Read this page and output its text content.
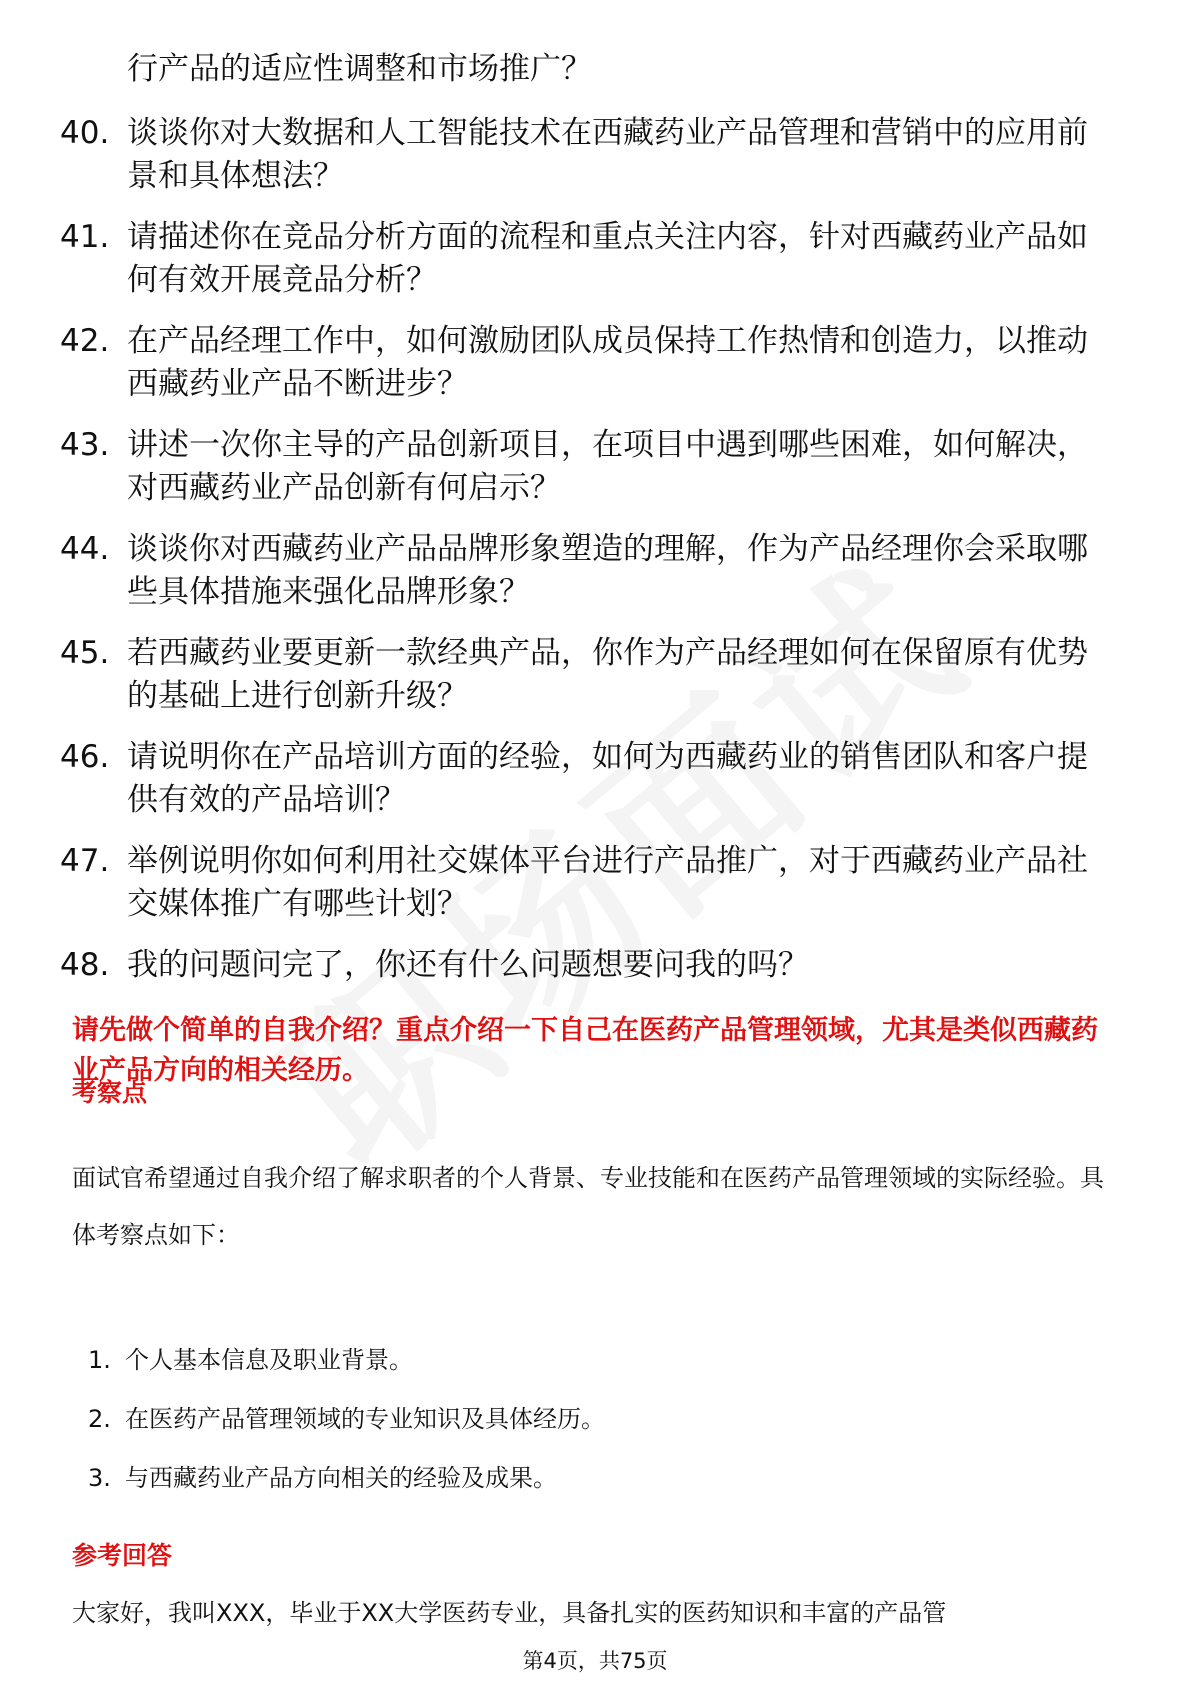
行产品的适应性调整和市场推广？
40. 谈谈你对大数据和人工智能技术在西藏药业产品管理和营销中的应用前景和具体想法？
41. 请描述你在竞品分析方面的流程和重点关注内容，针对西藏药业产品如何有效开展竞品分析？
42. 在产品经理工作中，如何激励团队成员保持工作热情和创造力，以推动西藏药业产品不断进步？
43. 讲述一次你主导的产品创新项目，在项目中遇到哪些困难，如何解决，对西藏药业产品创新有何启示？
44. 谈谈你对西藏药业产品品牌形象塑造的理解，作为产品经理你会采取哪些具体措施来强化品牌形象？
45. 若西藏药业要更新一款经典产品，你作为产品经理如何在保留原有优势的基础上进行创新升级？
46. 请说明你在产品培训方面的经验，如何为西藏药业的销售团队和客户提供有效的产品培训？
47. 举例说明你如何利用社交媒体平台进行产品推广，对于西藏药业产品社交媒体推广有哪些计划？
48. 我的问题问完了，你还有什么问题想要问我的吗？
请先做个简单的自我介绍？重点介绍一下自己在医药产品管理领域，尤其是类似西藏药业产品方向的相关经历。
考察点
面试官希望通过自我介绍了解求职者的个人背景、专业技能和在医药产品管理领域的实际经验。具体考察点如下：
1. 个人基本信息及职业背景。
2. 在医药产品管理领域的专业知识及具体经历。
3. 与西藏药业产品方向相关的经验及成果。
参考回答
大家好，我叫XXX，毕业于XX大学医药专业，具备扎实的医药知识和丰富的产品管
第4页，共75页
